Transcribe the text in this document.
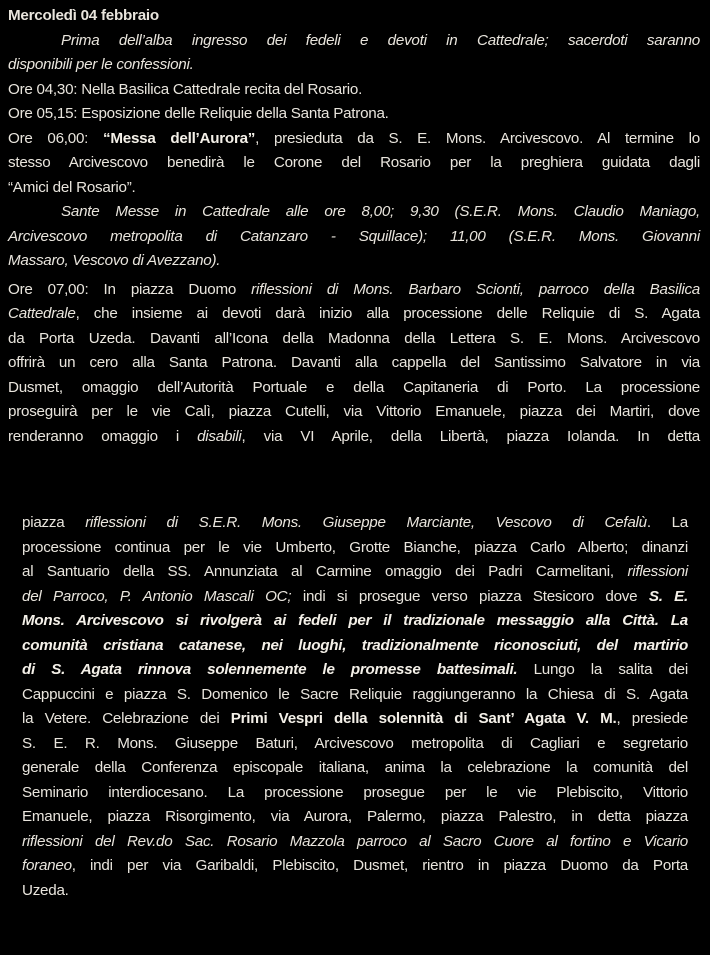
Mercoledì 04 febbraio
Prima dell’alba ingresso dei fedeli e devoti in Cattedrale; sacerdoti saranno
disponibili per le confessioni.
Ore 04,30: Nella Basilica Cattedrale recita del Rosario.
Ore 05,15: Esposizione delle Reliquie della Santa Patrona.
Ore 06,00: “Messa dell’Aurora”, presieduta da S. E. Mons. Arcivescovo. Al termine lo
stesso Arcivescovo benedirà le Corone del Rosario per la preghiera guidata dagli
“Amici del Rosario”.
Sante Messe in Cattedrale alle ore 8,00; 9,30 (S.E.R. Mons. Claudio Maniago,
Arcivescovo metropolita di Catanzaro - Squillace); 11,00 (S.E.R. Mons. Giovanni
Massaro, Vescovo di Avezzano).
Ore 07,00: In piazza Duomo riflessioni di Mons. Barbaro Scionti, parroco della Basilica
Cattedrale, che insieme ai devoti darà inizio alla processione delle Reliquie di S. Agata
da Porta Uzeda. Davanti all’Icona della Madonna della Lettera S. E. Mons. Arcivescovo
offrirà un cero alla Santa Patrona. Davanti alla cappella del Santissimo Salvatore in via
Dusmet, omaggio dell’Autorità Portuale e della Capitaneria di Porto. La processione
proseguirà per le vie Calì, piazza Cutelli, via Vittorio Emanuele, piazza dei Martiri, dove
renderanno omaggio i disabili, via VI Aprile, della Libertà, piazza Iolanda. In detta
piazza riflessioni di S.E.R. Mons. Giuseppe Marciante, Vescovo di Cefalù. La
processione continua per le vie Umberto, Grotte Bianche, piazza Carlo Alberto; dinanzi
al Santuario della SS. Annunziata al Carmine omaggio dei Padri Carmelitani, riflessioni
del Parroco, P. Antonio Mascali OC; indi si prosegue verso piazza Stesicoro dove S. E.
Mons. Arcivescovo si rivolgerà ai fedeli per il tradizionale messaggio alla Città. La
comunità cristiana catanese, nei luoghi, tradizionalmente riconosciuti, del martirio
di S. Agata rinnova solennemente le promesse battesimali. Lungo la salita dei
Cappuccini e piazza S. Domenico le Sacre Reliquie raggiungeranno la Chiesa di S. Agata
la Vetere. Celebrazione dei Primi Vespri della solennità di Sant’ Agata V. M., presiede
S. E. R. Mons. Giuseppe Baturi, Arcivescovo metropolita di Cagliari e segretario
generale della Conferenza episcopale italiana, anima la celebrazione la comunità del
Seminario interdiocesano. La processione prosegue per le vie Plebiscito, Vittorio
Emanuele, piazza Risorgimento, via Aurora, Palermo, piazza Palestro, in detta piazza
riflessioni del Rev.do Sac. Rosario Mazzola parroco al Sacro Cuore al fortino e Vicario
foraneo, indi per via Garibaldi, Plebiscito, Dusmet, rientro in piazza Duomo da Porta
Uzeda.
